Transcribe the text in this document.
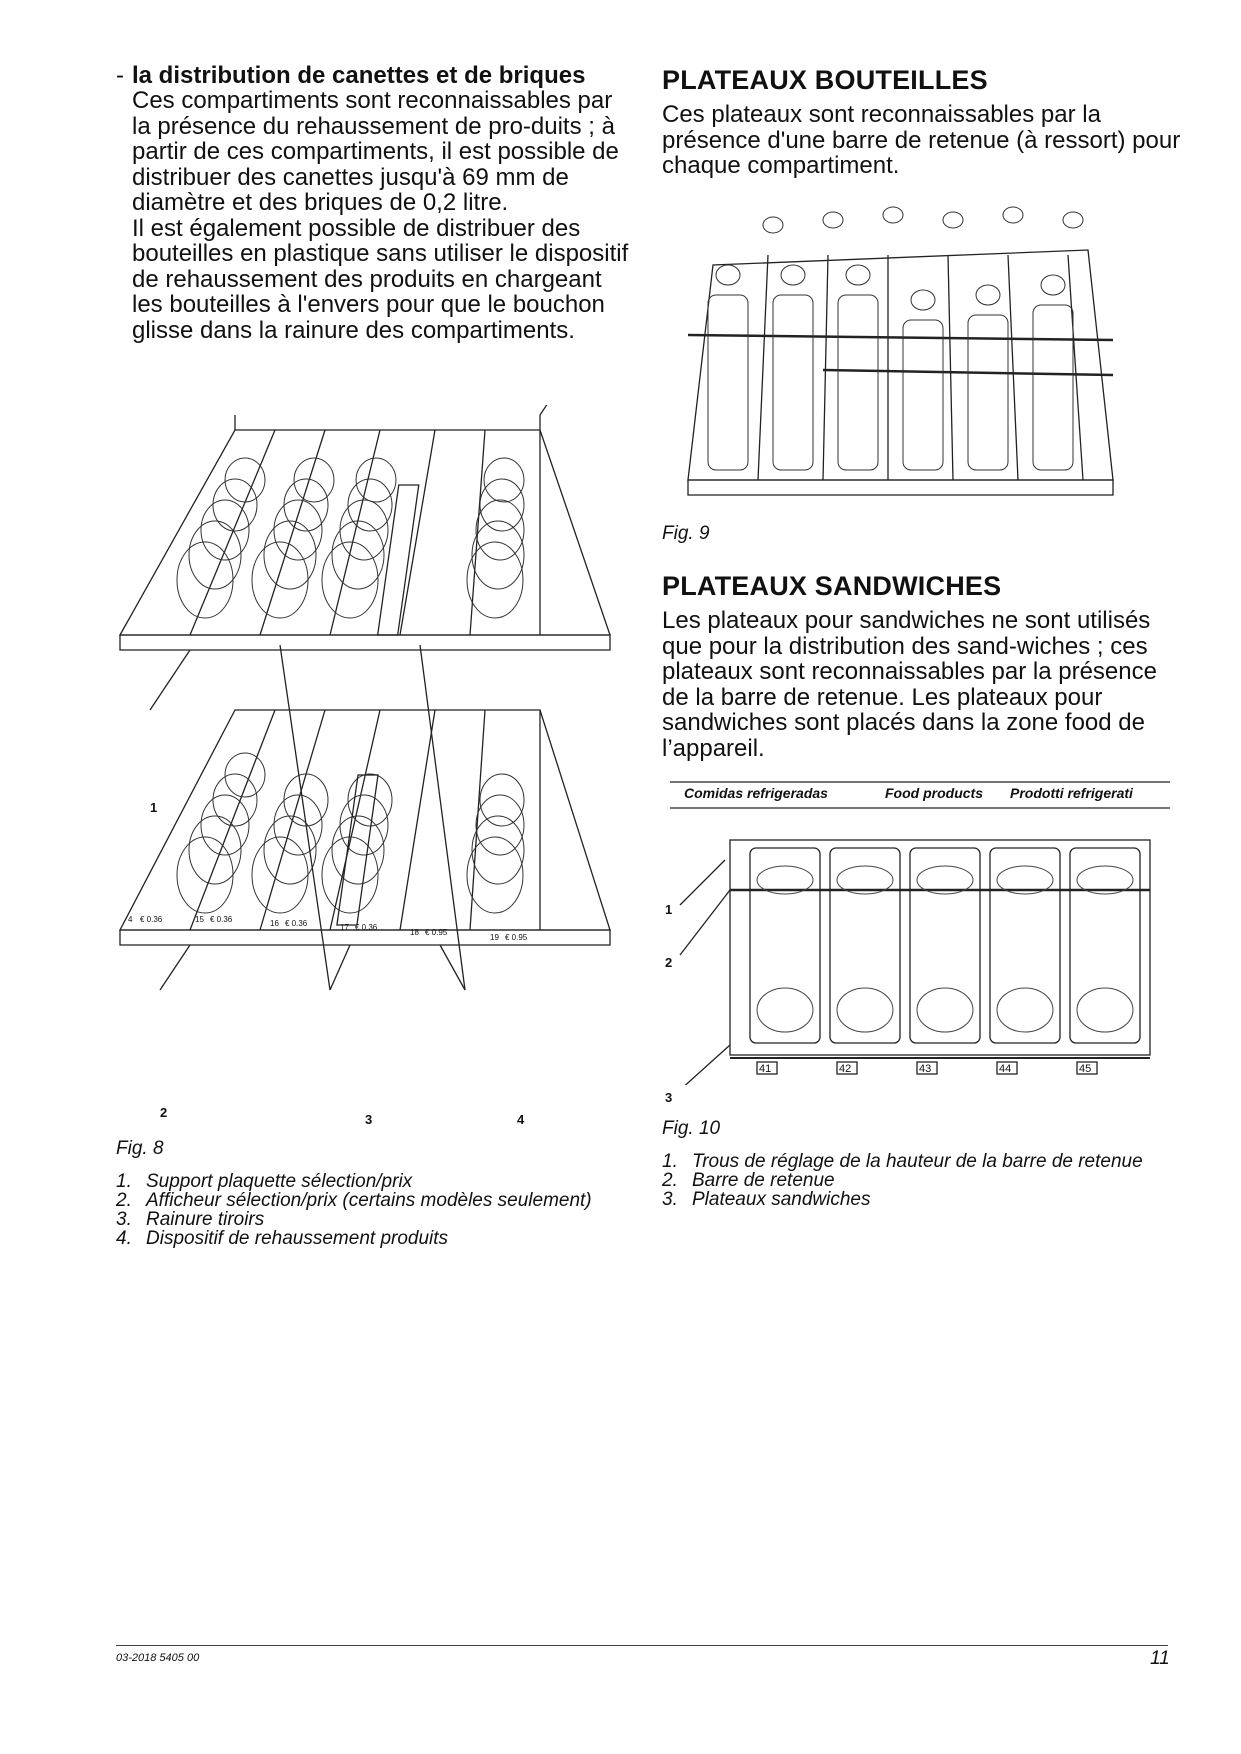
- la distribution de canettes et de briques

Ces compartiments sont reconnaissables par la présence du rehaussement de pro-duits ; à partir de ces compartiments, il est possible de distribuer des canettes jusqu'à 69 mm de diamètre et des briques de 0,2 litre.

Il est également possible de distribuer des bouteilles en plastique sans utiliser le dispositif de rehaussement des produits en chargeant les bouteilles à l'envers pour que le bouchon glisse dans la rainure des compartiments.

4 € 0.36	15 € 0.36	16 € 0.36	17 € 0.36
18 € 0.95
19 € 0.95
1
2	3	4
Fig. 8
1. Support plaquette sélection/prix
2. Afficheur sélection/prix (certains modèles seulement)
3. Rainure tiroirs
4. Dispositif de rehaussement produits
PLATEAUX BOUTEILLES

Ces plateaux sont reconnaissables par la présence d'une barre de retenue (à ressort) pour chaque compartiment.

Fig. 9
PLATEAUX SANDWICHES

Les plateaux pour sandwiches ne sont utilisés que pour la distribution des sand-wiches ; ces plateaux sont reconnaissables par la présence de la barre de retenue. Les plateaux pour sandwiches sont placés dans la zone food de l’appareil.

Comidas refrigeradas	Food products Prodotti refrigerati
41	42	43	44	45
1
2
3
Fig. 10
1. Trous de réglage de la hauteur de la barre de retenue
2. Barre de retenue
3. Plateaux sandwiches
03-2018 5405 00	11
